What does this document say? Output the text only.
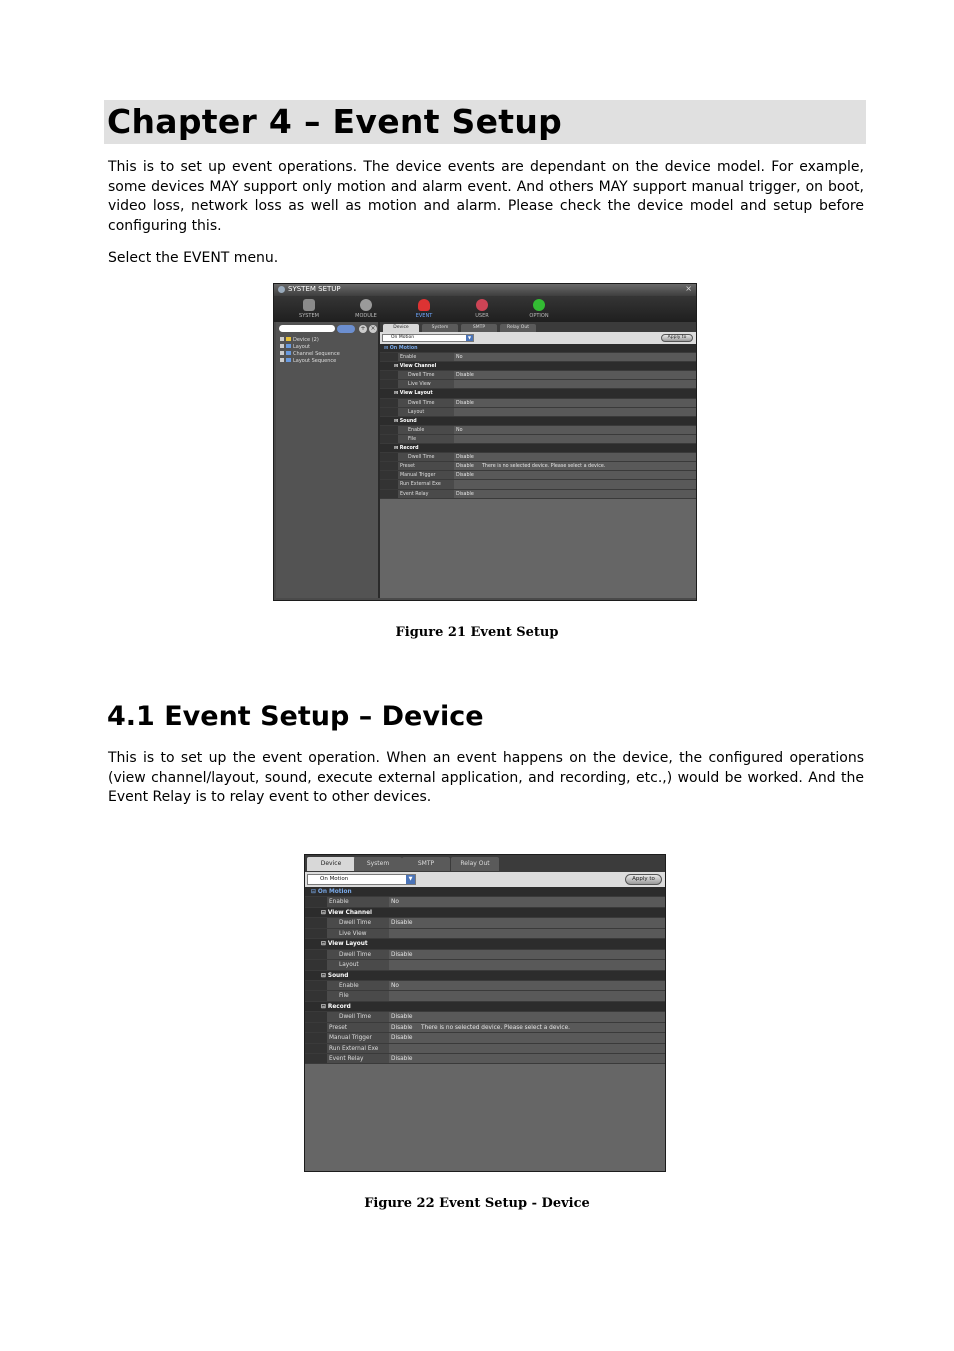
Chapter 4 – Event Setup

This is to set up event operations. The device events are dependant on the device model. For example, some devices MAY support only motion and alarm event. And others MAY support manual trigger, on boot, video loss, network loss as well as motion and alarm. Please check the device model and setup before configuring this.

Select the EVENT menu.

SYSTEM SETUP	×
SYSTEM	MODULE	EVENT	USER	OPTION
+ ×
Device (2)
Layout
Channel Sequence
Layout Sequence
Device	System	SMTP	Relay Out
On Motion	▼	Apply to
⊟ On Motion
Enable	No
⊟ View Channel
Dwell Time	Disable
Live View
⊟ View Layout
Dwell Time	Disable
Layout
⊟ Sound
Enable	No
File
⊟ Record
Dwell Time	Disable
Preset	Disable	There is no selected device. Please select a device.
Manual Trigger	Disable
Run External Exe
Event Relay	Disable
Figure 21 Event Setup
4.1 Event Setup – Device

This is to set up the event operation. When an event happens on the device, the configured operations (view channel/layout, sound, execute external application, and recording, etc.,) would be worked. And the Event Relay is to relay event to other devices.

Device	System	SMTP	Relay Out
On Motion	▼	Apply to
⊟ On Motion
Enable	No
⊟ View Channel
Dwell Time	Disable
Live View
⊟ View Layout
Dwell Time	Disable
Layout
⊟ Sound
Enable	No
File
⊟ Record
Dwell Time	Disable
Preset	Disable	There is no selected device. Please select a device.
Manual Trigger	Disable
Run External Exe
Event Relay	Disable
Figure 22 Event Setup - Device
